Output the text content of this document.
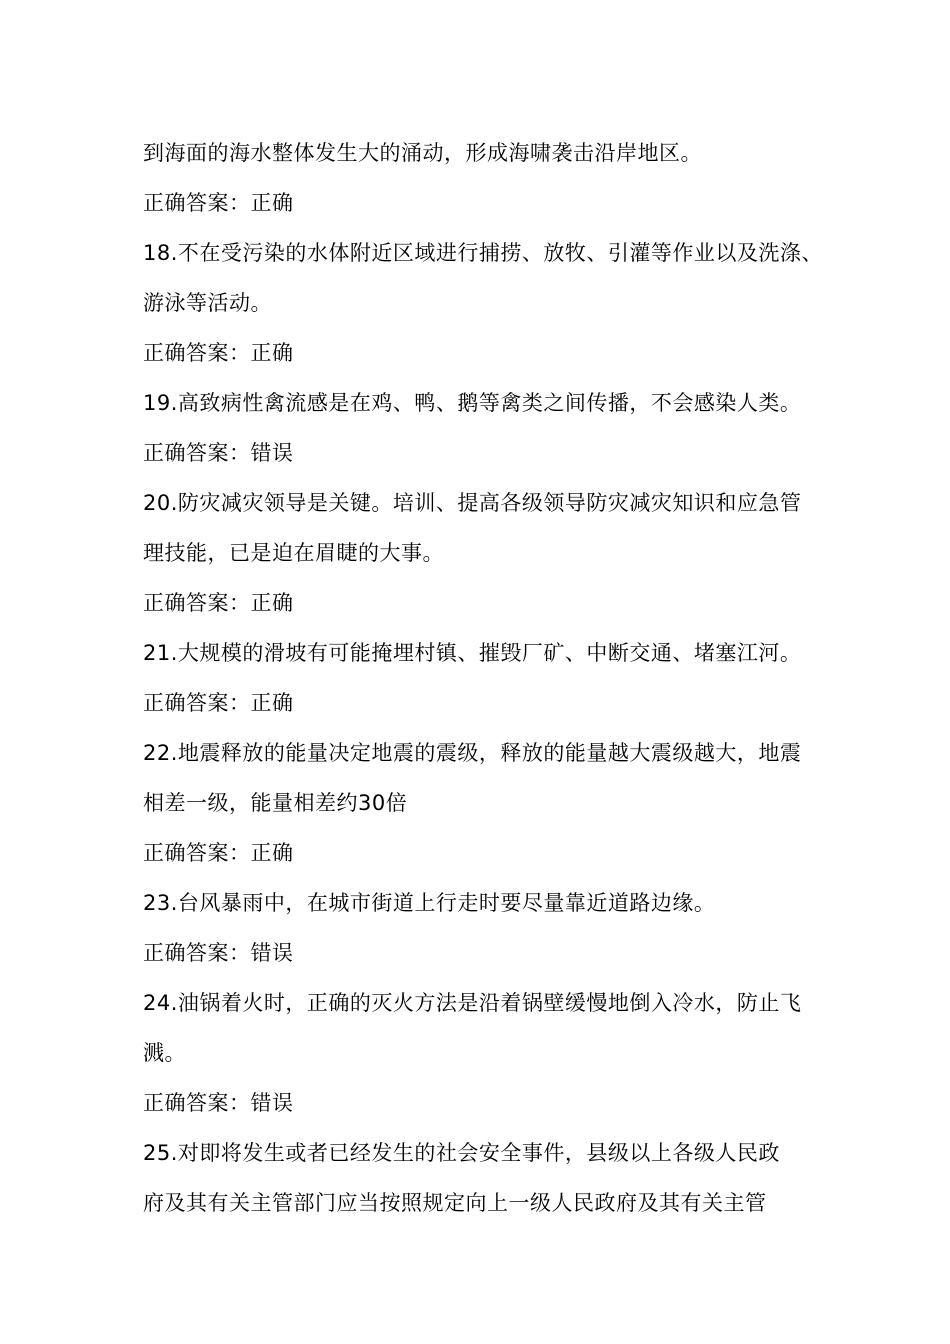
到海面的海水整体发生大的涌动，形成海啸袭击沿岸地区。
正确答案：正确
18.不在受污染的水体附近区域进行捕捞、放牧、引灌等作业以及洗涤、
游泳等活动。
正确答案：正确
19.高致病性禽流感是在鸡、鸭、鹅等禽类之间传播，不会感染人类。
正确答案：错误
20.防灾减灾领导是关键。培训、提高各级领导防灾减灾知识和应急管
理技能，已是迫在眉睫的大事。
正确答案：正确
21.大规模的滑坡有可能掩埋村镇、摧毁厂矿、中断交通、堵塞江河。
正确答案：正确
22.地震释放的能量决定地震的震级，释放的能量越大震级越大，地震
相差一级，能量相差约30倍
正确答案：正确
23.台风暴雨中，在城市街道上行走时要尽量靠近道路边缘。
正确答案：错误
24.油锅着火时，正确的灭火方法是沿着锅壁缓慢地倒入冷水，防止飞
溅。
正确答案：错误
25.对即将发生或者已经发生的社会安全事件，县级以上各级人民政
府及其有关主管部门应当按照规定向上一级人民政府及其有关主管
